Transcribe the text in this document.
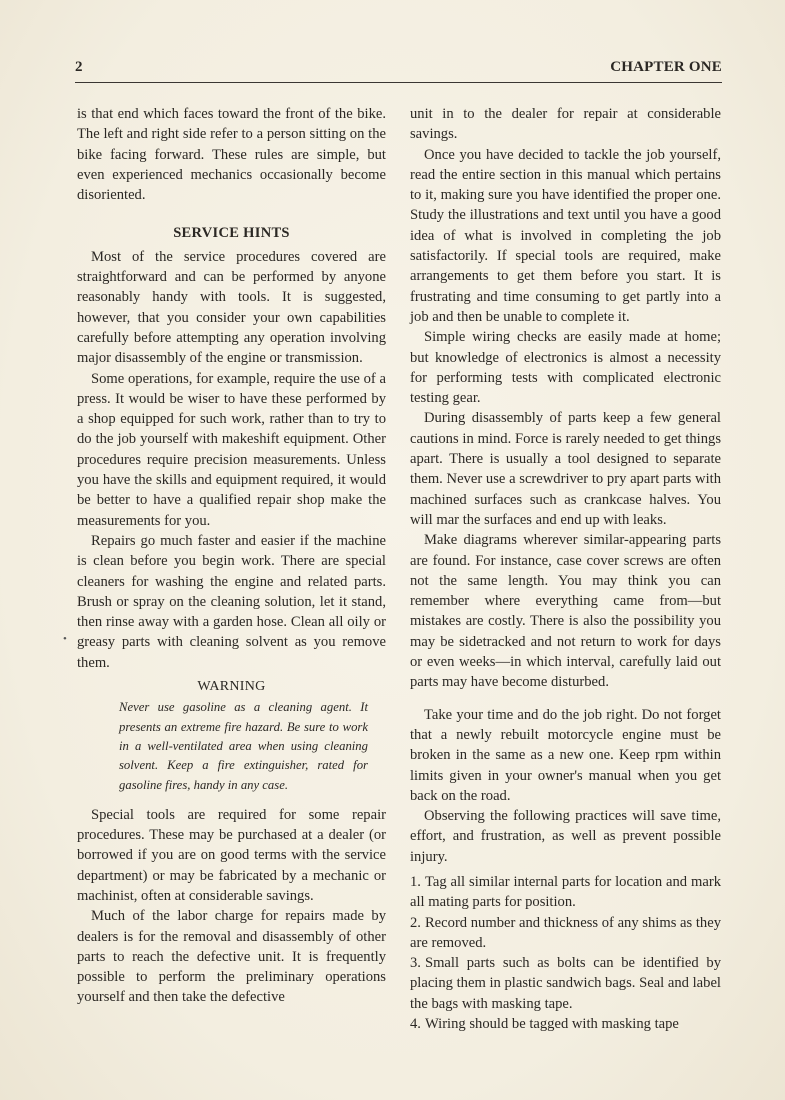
2	CHAPTER ONE
•

is that end which faces toward the front of the bike. The left and right side refer to a person sitting on the bike facing forward. These rules are simple, but even experienced mechanics occasionally become disoriented.

SERVICE HINTS

Most of the service procedures covered are straightforward and can be performed by anyone reasonably handy with tools. It is suggested, however, that you consider your own capabilities carefully before attempting any operation involving major disassembly of the engine or transmission.

Some operations, for example, require the use of a press. It would be wiser to have these performed by a shop equipped for such work, rather than to try to do the job yourself with makeshift equipment. Other procedures require precision measurements. Unless you have the skills and equipment required, it would be better to have a qualified repair shop make the measurements for you.

Repairs go much faster and easier if the machine is clean before you begin work. There are special cleaners for washing the engine and related parts. Brush or spray on the cleaning solution, let it stand, then rinse away with a garden hose. Clean all oily or greasy parts with cleaning solvent as you remove them.

WARNING
Never use gasoline as a cleaning agent. It presents an extreme fire hazard. Be sure to work in a well-ventilated area when using cleaning solvent. Keep a fire extinguisher, rated for gasoline fires, handy in any case.

Special tools are required for some repair procedures. These may be purchased at a dealer (or borrowed if you are on good terms with the service department) or may be fabricated by a mechanic or machinist, often at considerable savings.

Much of the labor charge for repairs made by dealers is for the removal and disassembly of other parts to reach the defective unit. It is frequently possible to perform the preliminary operations yourself and then take the defective

unit in to the dealer for repair at considerable savings.

Once you have decided to tackle the job yourself, read the entire section in this manual which pertains to it, making sure you have identified the proper one. Study the illustrations and text until you have a good idea of what is involved in completing the job satisfactorily. If special tools are required, make arrangements to get them before you start. It is frustrating and time consuming to get partly into a job and then be unable to complete it.

Simple wiring checks are easily made at home; but knowledge of electronics is almost a necessity for performing tests with complicated electronic testing gear.

During disassembly of parts keep a few general cautions in mind. Force is rarely needed to get things apart. There is usually a tool designed to separate them. Never use a screwdriver to pry apart parts with machined surfaces such as crankcase halves. You will mar the surfaces and end up with leaks.

Make diagrams wherever similar-appearing parts are found. For instance, case cover screws are often not the same length. You may think you can remember where everything came from—but mistakes are costly. There is also the possibility you may be sidetracked and not return to work for days or even weeks—in which interval, carefully laid out parts may have become disturbed.

Take your time and do the job right. Do not forget that a newly rebuilt motorcycle engine must be broken in the same as a new one. Keep rpm within limits given in your owner's manual when you get back on the road.

Observing the following practices will save time, effort, and frustration, as well as prevent possible injury.

1. Tag all similar internal parts for location and mark all mating parts for position.

2. Record number and thickness of any shims as they are removed.

3. Small parts such as bolts can be identified by placing them in plastic sandwich bags. Seal and label the bags with masking tape.

4. Wiring should be tagged with masking tape
